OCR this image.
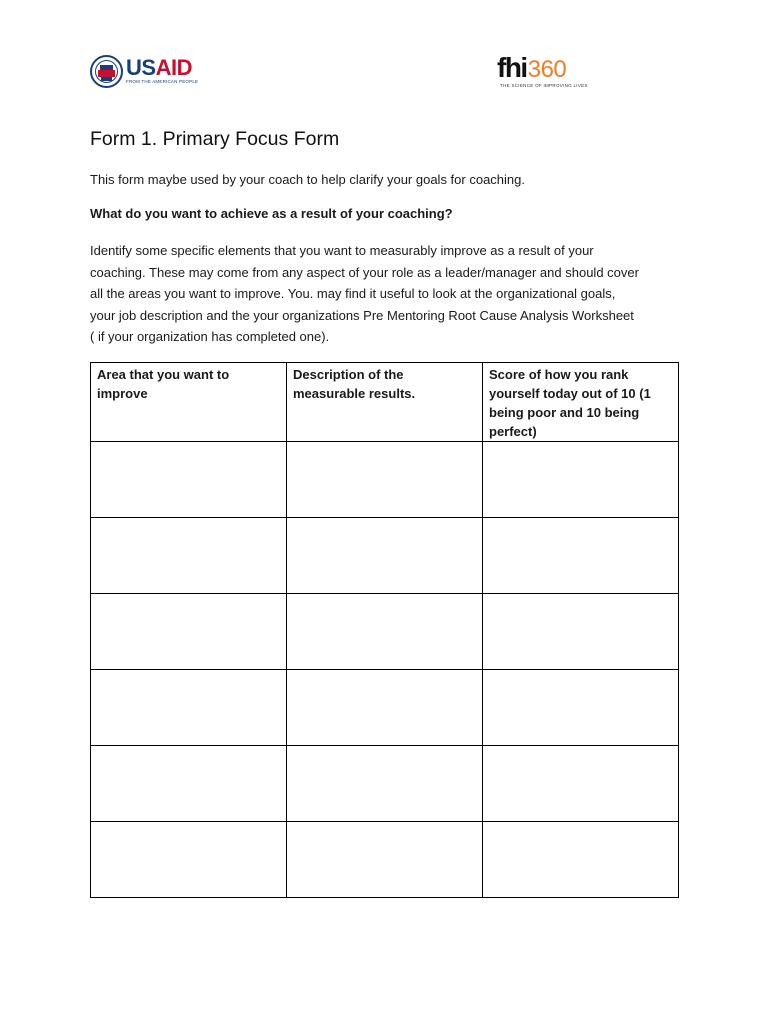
USAID
FROM THE AMERICAN PEOPLE	fhi 360
THE SCIENCE OF IMPROVING LIVES
Form 1. Primary Focus Form

This form maybe used by your coach to help clarify your goals for coaching.

What do you want to achieve as a result of your coaching?

Identify some specific elements that you want to measurably improve as a result of your
coaching. These may come from any aspect of your role as a leader/manager and should cover
all the areas you want to improve. You. may find it useful to look at the organizational goals,
your job description and the your organizations Pre Mentoring Root Cause Analysis Worksheet
( if your organization has completed one).

Area that you want to improve	Description of the measurable results.	Score of how you rank yourself today out of 10 (1 being poor and 10 being perfect)
